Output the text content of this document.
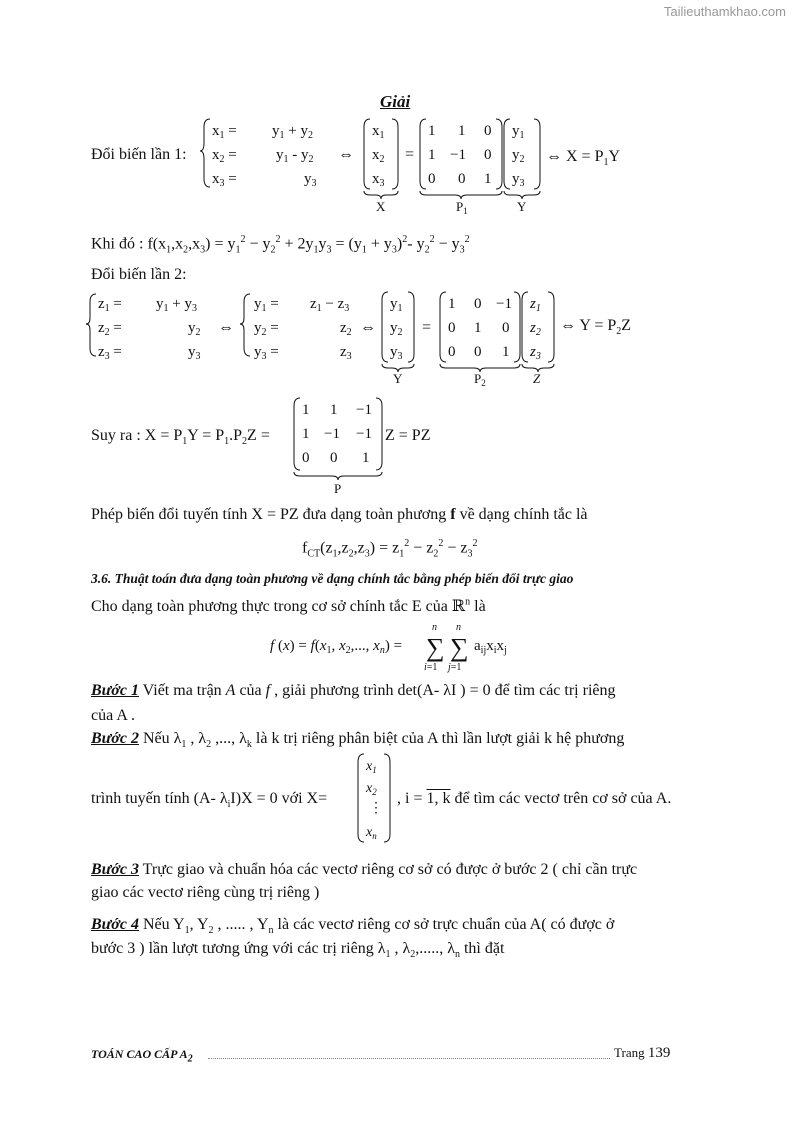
Tailieuthamkhao.com
Giải
Đổi biến lần 1:
$x_1 = y_1 + y_2$
$x_2$ =	$y_1 - y_2$
$x_3$ =	$y_3$
⇔
$x_1$
$x_2$
$x_3$
=
1 1 0
1 −1 0
0 0 1
$y_1$
$y_2$
$y_3$
X	$P_1$	Y
⇔ $X = P_1Y$
Khi đó : $f(x_1,x_2,x_3) = y_1^2 - y_2^2 + 2y_1y_3 = (y_1 + y_3)^2-$ $y_2^2 - y_3^2$
Đổi biến lần 2:
$z_1 = y_1 + y_3$
$z_2$ =	$y_2$
$z_3$ =	$y_3$
⇔
$y_1 = z_1 - z_3$
$y_2$ =	$z_2$
$y_3$ =	$z_3$
⇔
$y_1$
$y_2$
$y_3$
=
1 0 −1
0 1 0
0 0 1
$z_1$
$z_2$
$z_3$
Y	$P_2$	Z
⇔ $Y = P_2Z$
Suy ra : $X = P_1Y = P_1.P_2Z$ =
1 1 −1
1 −1 −1
0 0 1
P
Z = PZ
Phép biến đổi tuyến tính X = PZ đưa dạng toàn phương f về dạng chính tắc là
$f_{CT}(z_1,z_2,z_3) = z_1^2 - z_2^2 - z_3^2$
3.6. Thuật toán đưa dạng toàn phương về dạng chính tắc bằng phép biến đổi trực giao
Cho dạng toàn phương thực trong cơ sở chính tắc E của ℝ$^n$ là
f $(x) = f(x_1$, $x_2$,..., $x_n$) =
n n
∑ ∑
i=1 j=1
$a_{ij}x_ix_j$
Bước 1 Viết ma trận A của f , giải phương trình det(A- λI ) = 0 để tìm các trị riêng
của A .
Bước 2 Nếu $\lambda_1$ , $\lambda_2$ ,..., $\lambda_k$ là k trị riêng phân biệt của A thì lần lượt giải k hệ phương
trình tuyến tính (A- $\lambda_iI)X = 0$ với X=
$x_1$
$x_2$
⋮
$x_n$
, i = 1, k để tìm các vectơ trên cơ sở của A.
Bước 3 Trực giao và chuẩn hóa các vectơ riêng cơ sở có được ở bước 2 ( chỉ cần trực
giao các vectơ riêng cùng trị riêng )
Bước 4 Nếu $Y_1$, $Y_2$ , ..... , $Y_n$ là các vectơ riêng cơ sở trực chuẩn của A( có được ở
bước 3 ) lần lượt tương ứng với các trị riêng $\lambda_1$ , $\lambda_2$,....., $\lambda_n$ thì đặt
TOÁN CAO CẤP $A_2$	Trang 139
